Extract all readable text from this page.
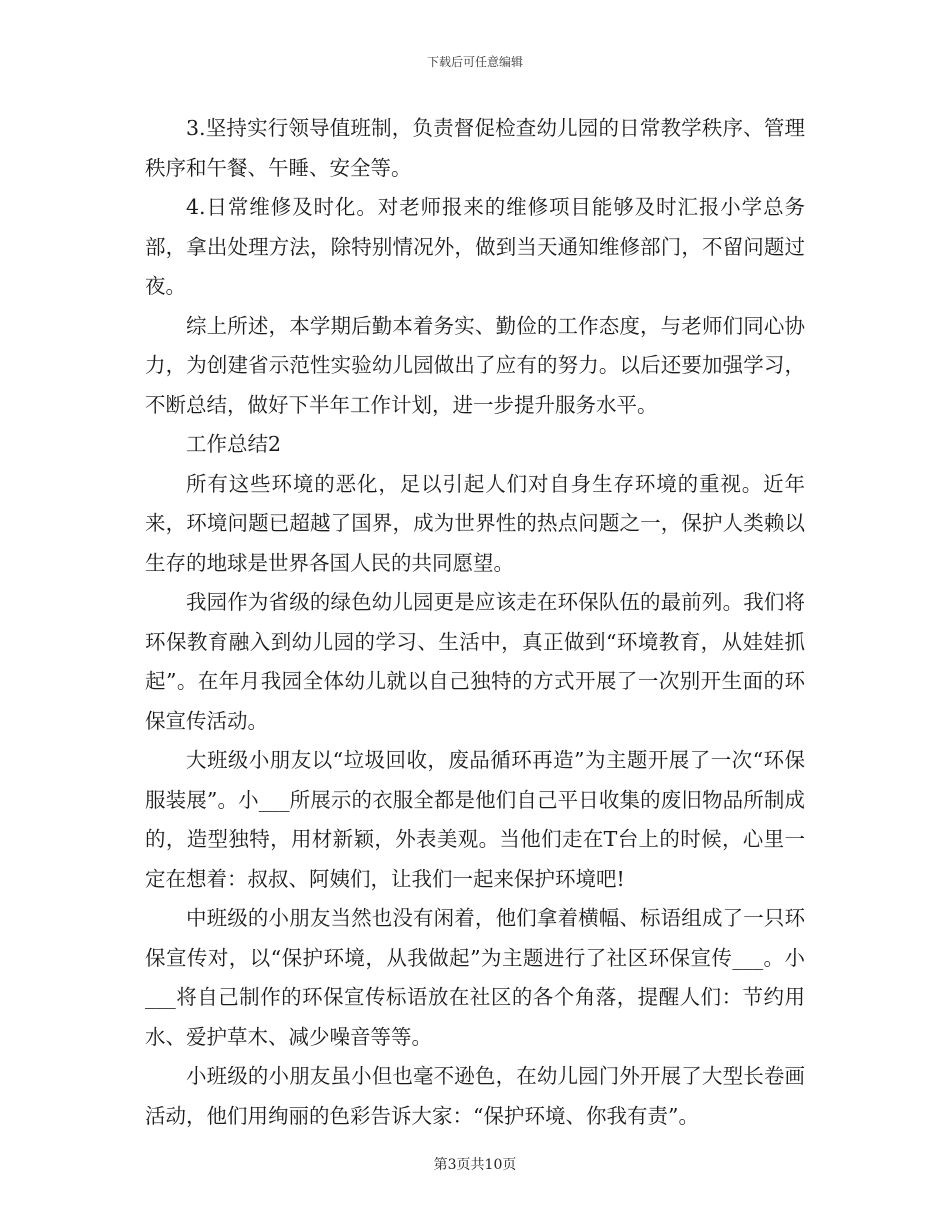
下载后可任意编辑

3.坚持实行领导值班制，负责督促检查幼儿园的日常教学秩序、管理秩序和午餐、午睡、安全等。

4.日常维修及时化。对老师报来的维修项目能够及时汇报小学总务部，拿出处理方法，除特别情况外，做到当天通知维修部门，不留问题过夜。

综上所述，本学期后勤本着务实、勤俭的工作态度，与老师们同心协力，为创建省示范性实验幼儿园做出了应有的努力。以后还要加强学习，不断总结，做好下半年工作计划，进一步提升服务水平。

工作总结2

所有这些环境的恶化，足以引起人们对自身生存环境的重视。近年来，环境问题已超越了国界，成为世界性的热点问题之一，保护人类赖以生存的地球是世界各国人民的共同愿望。

我园作为省级的绿色幼儿园更是应该走在环保队伍的最前列。我们将环保教育融入到幼儿园的学习、生活中，真正做到“环境教育，从娃娃抓起”。在年月我园全体幼儿就以自己独特的方式开展了一次别开生面的环保宣传活动。

大班级小朋友以“垃圾回收，废品循环再造”为主题开展了一次“环保服装展”。小___所展示的衣服全都是他们自己平日收集的废旧物品所制成的，造型独特，用材新颖，外表美观。当他们走在T台上的时候，心里一定在想着：叔叔、阿姨们，让我们一起来保护环境吧!

中班级的小朋友当然也没有闲着，他们拿着横幅、标语组成了一只环保宣传对，以“保护环境，从我做起”为主题进行了社区环保宣传___。小___将自己制作的环保宣传标语放在社区的各个角落，提醒人们：节约用水、爱护草木、减少噪音等等。

小班级的小朋友虽小但也毫不逊色，在幼儿园门外开展了大型长卷画活动，他们用绚丽的色彩告诉大家：“保护环境、你我有责”。

第3页共10页
